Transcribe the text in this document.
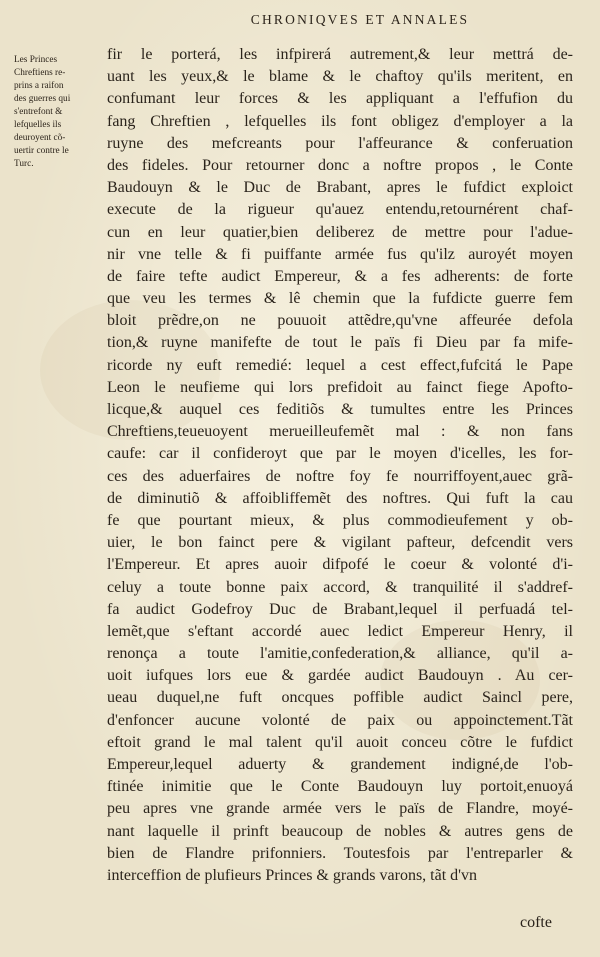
CHRONIQVES ET ANNALES
Les Princes
Chreftiens re-
prins a raifon
des guerres qui
s'entrefont &
lefquelles ils
deuroyent cõ-
uertir contre le
Turc.
fir le porterá, les infpirerá autrement,& leur mettrá de-
uant les yeux,& le blame & le chaftoy qu'ils meritent, en
confumant leur forces & les appliquant a l'effufion du
fang Chreftien , lefquelles ils font obligez d'employer a la
ruyne des mefcreants pour l'affeurance & conferuation
des fideles. Pour retourner donc a noftre propos , le Conte
Baudouyn & le Duc de Brabant, apres le fufdict exploict
execute de la rigueur qu'auez entendu,retournérent chaf-
cun en leur quatier,bien deliberez de mettre pour l'adue-
nir vne telle & fi puiffante armée fus qu'ilz auroyét moyen
de faire tefte audict Empereur, & a fes adherents: de forte
que veu les termes & lê chemin que la fufdicte guerre fem
bloit prẽdre,on ne pouuoit attẽdre,qu'vne affeurée defola
tion,& ruyne manifefte de tout le païs fi Dieu par fa mife-
ricorde ny euft remedié: lequel a cest effect,fufcitá le Pape
Leon le neufieme qui lors prefidoit au fainct fiege Apofto-
licque,& auquel ces feditiõs & tumultes entre les Princes
Chreftiens,teueuoyent merueilleufemẽt mal : & non fans
caufe: car il confideroyt que par le moyen d'icelles, les for-
ces des aduerfaires de noftre foy fe nourriffoyent,auec grã-
de diminutiõ & affoibliffemẽt des noftres. Qui fuft la cau
fe que pourtant mieux, & plus commodieufement y ob-
uier, le bon fainct pere & vigilant pafteur, defcendit vers
l'Empereur. Et apres auoir difpofé le coeur & volonté d'i-
celuy a toute bonne paix accord, & tranquilité il s'addref-
fa audict Godefroy Duc de Brabant,lequel il perfuadá tel-
lemẽt,que s'eftant accordé auec ledict Empereur Henry, il
renonça a toute l'amitie,confederation,& alliance, qu'il a-
uoit iufques lors eue & gardée audict Baudouyn . Au cer-
ueau duquel,ne fuft oncques poffible audict Saincl pere,
d'enfoncer aucune volonté de paix ou appoinctement.Tãt
eftoit grand le mal talent qu'il auoit conceu cõtre le fufdict
Empereur,lequel aduerty & grandement indigné,de l'ob-
ftinée inimitie que le Conte Baudouyn luy portoit,enuoyá
peu apres vne grande armée vers le païs de Flandre, moyé-
nant laquelle il prinft beaucoup de nobles & autres gens de
bien de Flandre prifonniers. Toutesfois par l'entreparler &
interceffion de plufieurs Princes & grands varons, tãt d'vn
cofte
